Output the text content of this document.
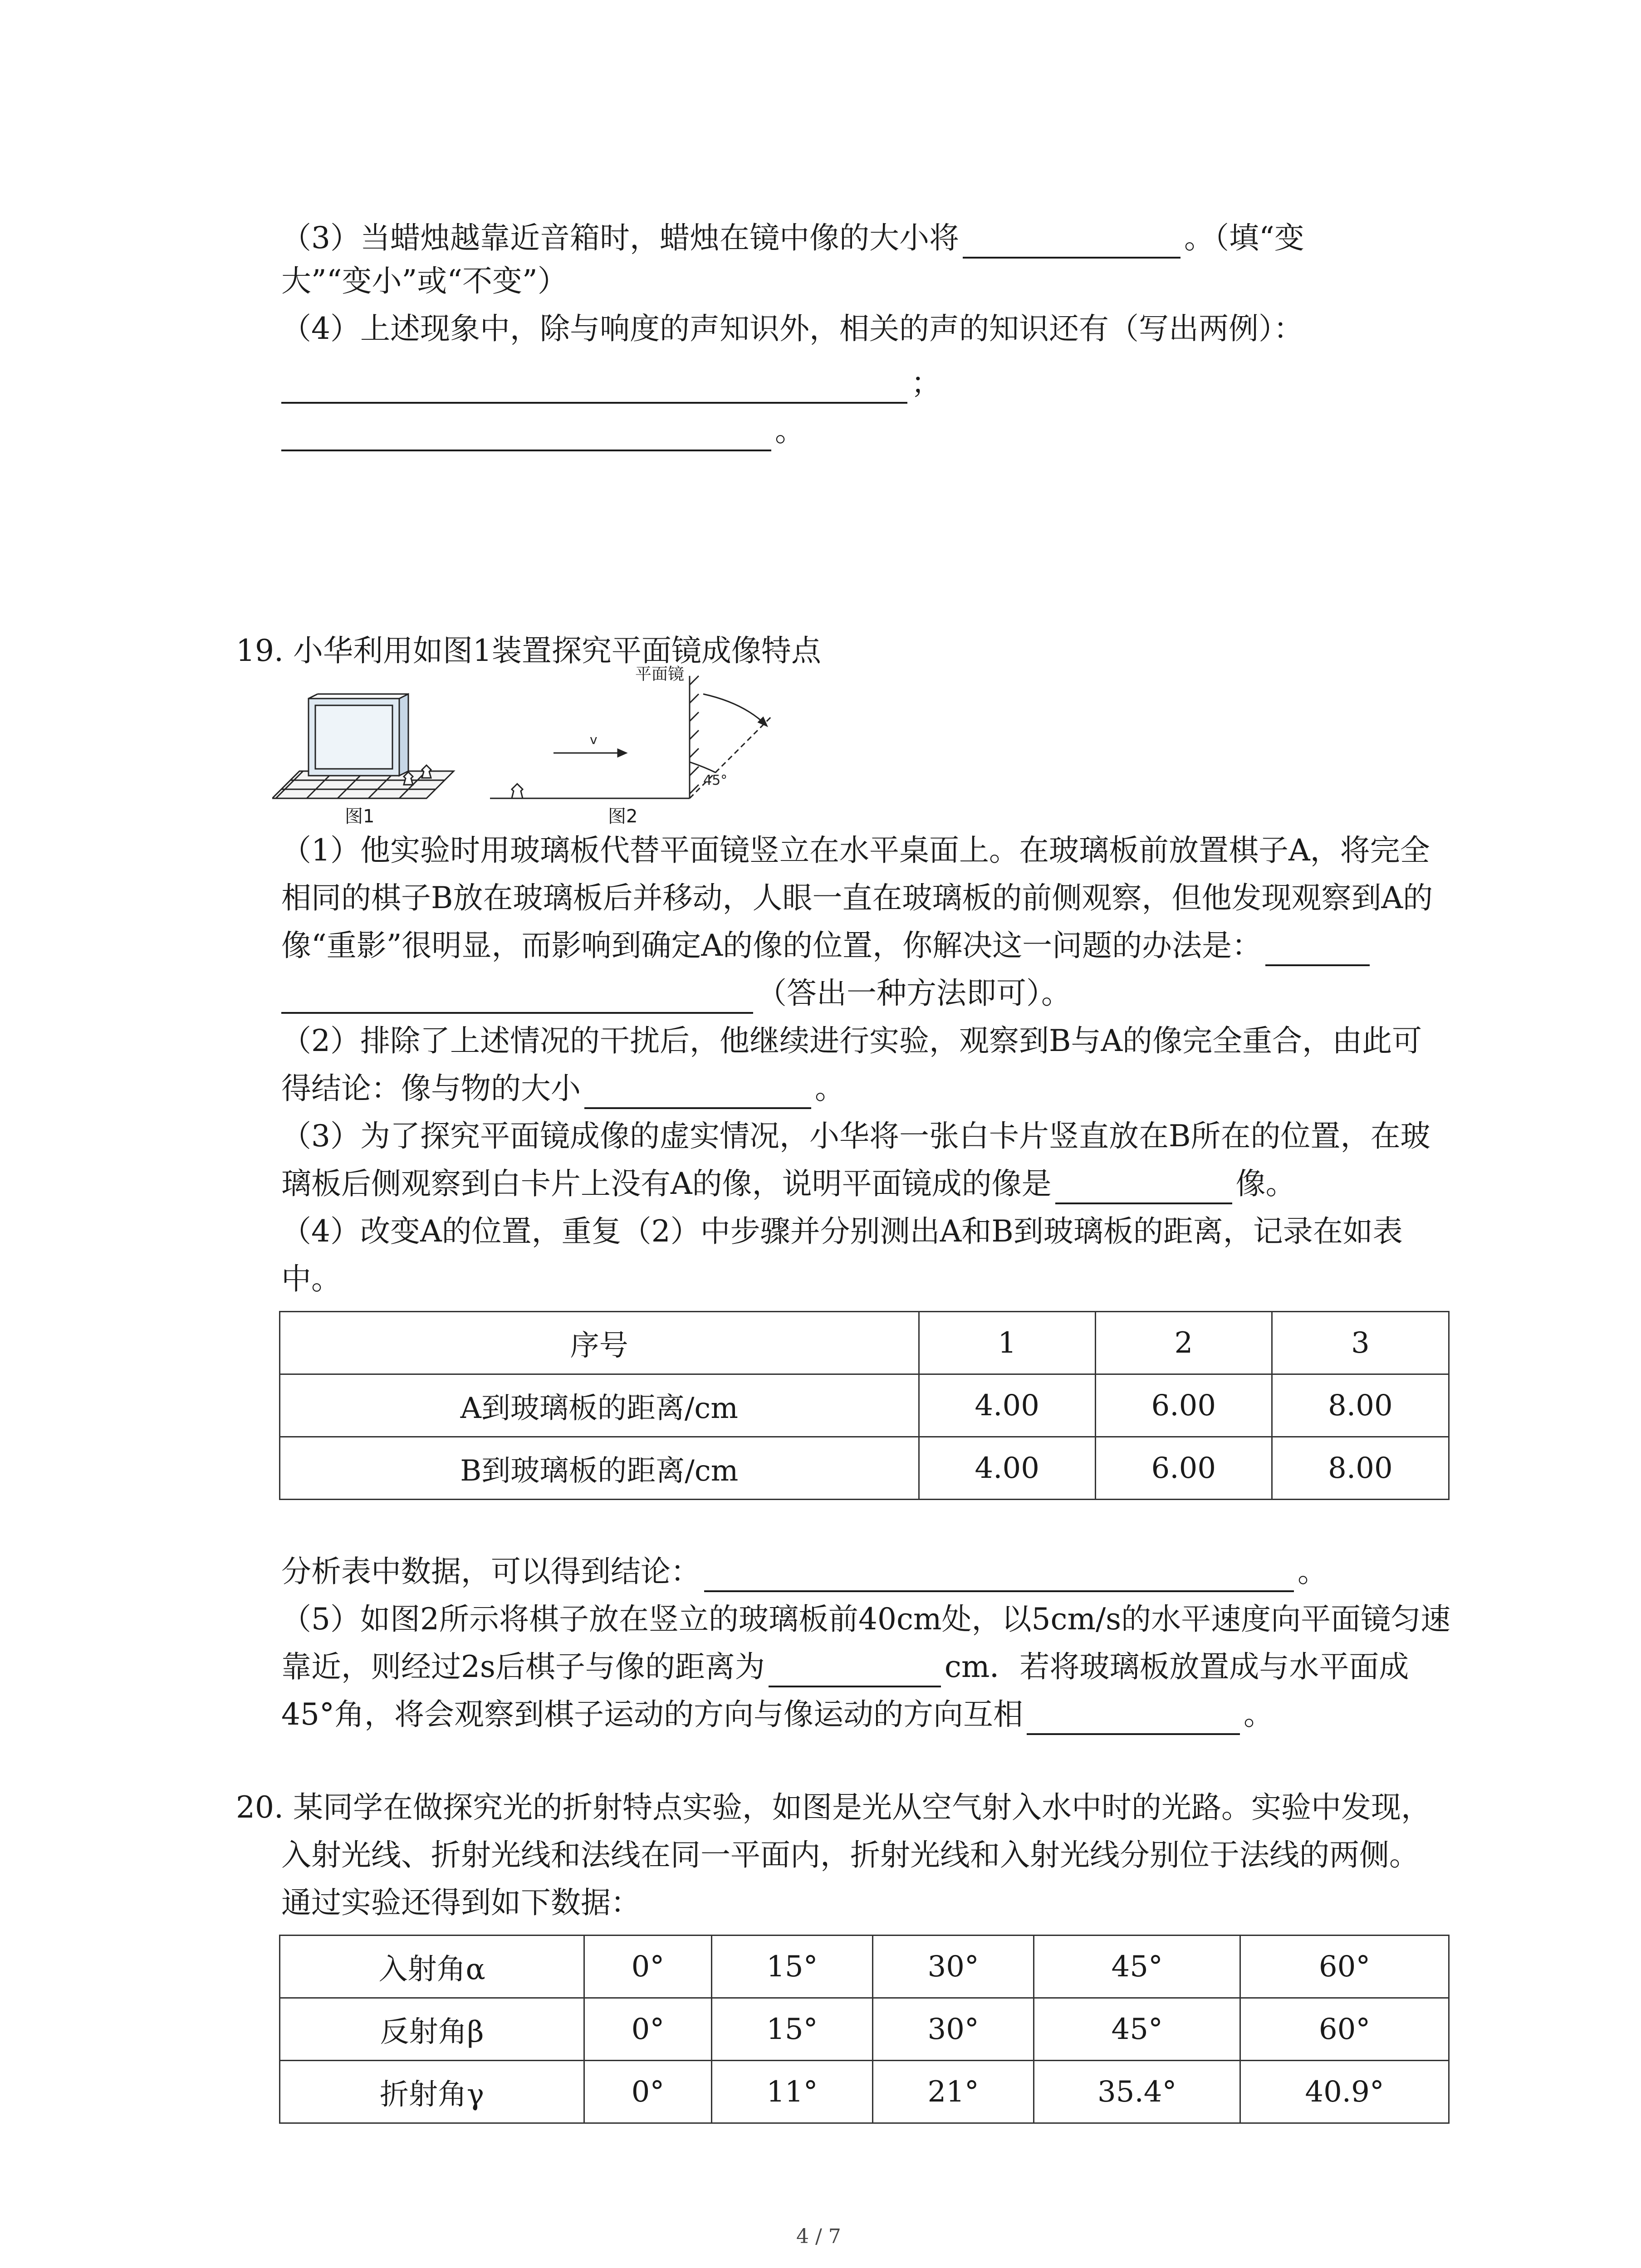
（3）当蜡烛越靠近音箱时，蜡烛在镜中像的大小将	。（填“变
大”“变小”或“不变”）
（4）上述现象中，除与响度的声知识外，相关的声的知识还有（写出两例）：
；
。
19. 小华利用如图1装置探究平面镜成像特点
图1
v
45°
平面镜
图2
（1）他实验时用玻璃板代替平面镜竖立在水平桌面上。在玻璃板前放置棋子A，将完全
相同的棋子B放在玻璃板后并移动，人眼一直在玻璃板的前侧观察，但他发现观察到A的
像“重影”很明显，而影响到确定A的像的位置，你解决这一问题的办法是：
（答出一种方法即可）。
（2）排除了上述情况的干扰后，他继续进行实验，观察到B与A的像完全重合，由此可
得结论：像与物的大小	。
（3）为了探究平面镜成像的虚实情况，小华将一张白卡片竖直放在B所在的位置，在玻
璃板后侧观察到白卡片上没有A的像，说明平面镜成的像是	像。
（4）改变A的位置，重复（2）中步骤并分别测出A和B到玻璃板的距离，记录在如表
中。
序号	1	2	3
A到玻璃板的距离/cm	4.00	6.00	8.00
B到玻璃板的距离/cm	4.00	6.00	8.00
分析表中数据，可以得到结论：	。
（5）如图2所示将棋子放在竖立的玻璃板前40cm处，以5cm/s的水平速度向平面镜匀速
靠近，则经过2s后棋子与像的距离为	cm．若将玻璃板放置成与水平面成
45°角，将会观察到棋子运动的方向与像运动的方向互相	。
20. 某同学在做探究光的折射特点实验，如图是光从空气射入水中时的光路。实验中发现，
入射光线、折射光线和法线在同一平面内，折射光线和入射光线分别位于法线的两侧。
通过实验还得到如下数据：
入射角α	0°	15°	30°	45°	60°
反射角β	0°	15°	30°	45°	60°
折射角γ	0°	11°	21°	35.4°	40.9°
4 / 7
